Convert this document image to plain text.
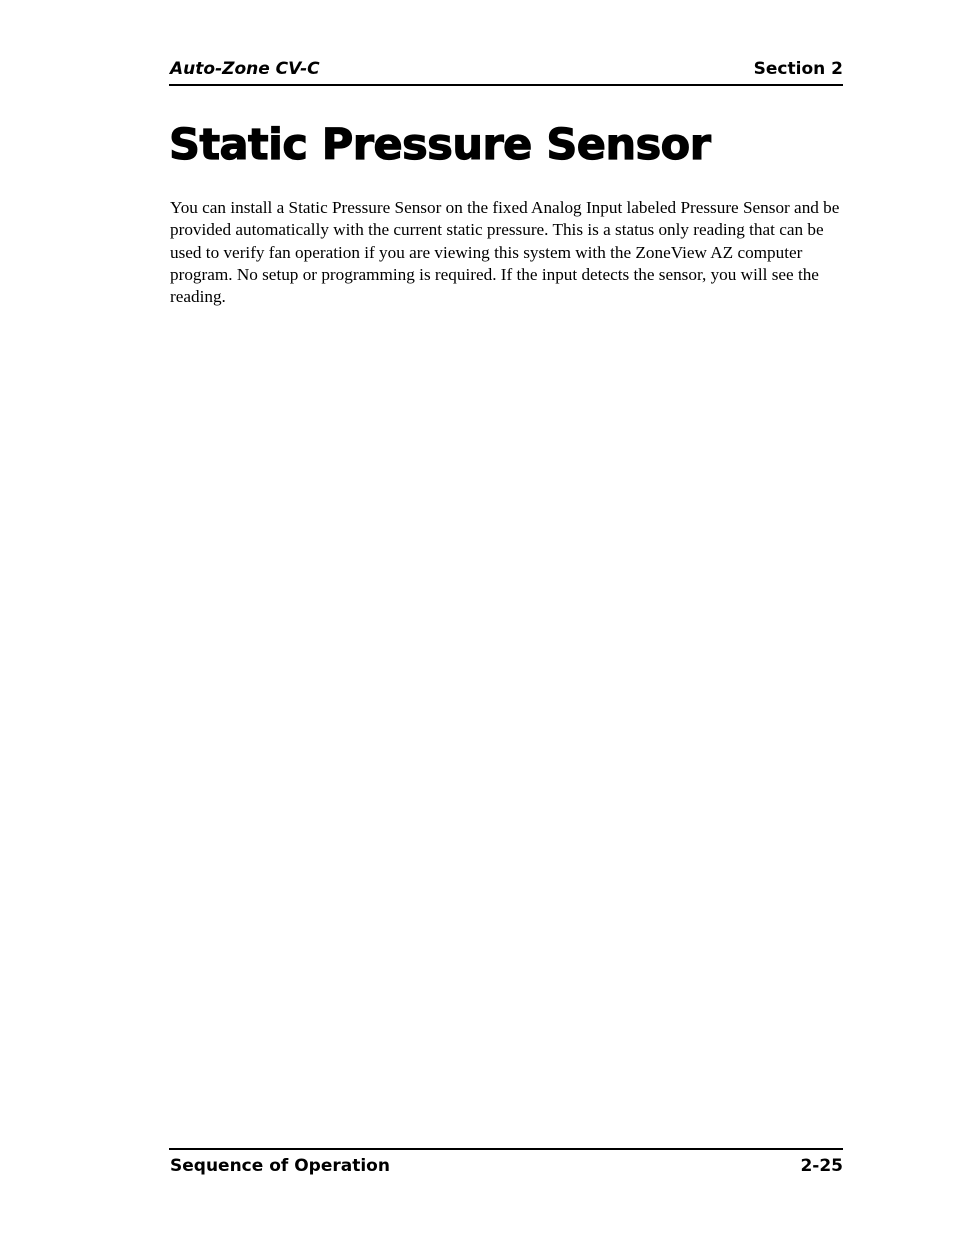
Auto-Zone CV-C	Section 2
Static Pressure Sensor

You can install a Static Pressure Sensor on the fixed Analog Input labeled Pressure Sensor and be provided automatically with the current static pressure. This is a status only reading that can be used to verify fan operation if you are viewing this system with the ZoneView AZ computer program. No setup or programming is required. If the input detects the sensor, you will see the reading.

Sequence of Operation	2-25
